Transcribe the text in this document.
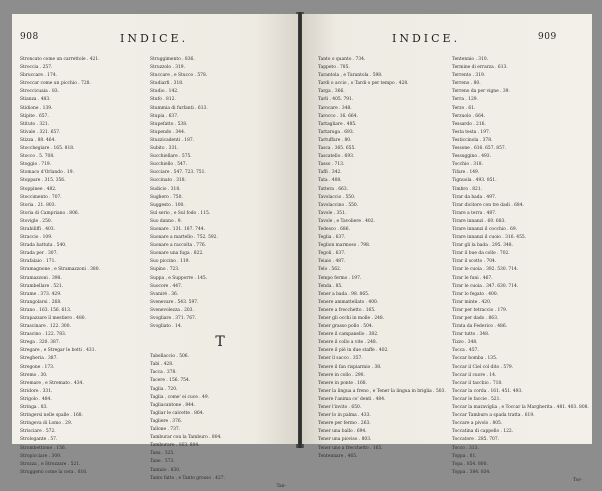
908	INDICE.
Stroncato come un carrettole . 421.
Stroccia . 257.
Sbruccare . 174.
Stroccar come un picchio . 728.
Stroccicuaia . 83.
Stianza . 483.
Stidione . 139.
Stipite . 657.
Stituto . 321.
Stivale . 321. 657.
Stizza . 88. 464.
Stocchegiare . 165. 818.
Stocco . 5. 708.
Stoggio . 719.
Stomaco d'Orlando . 19.
Stoppare . 315. 356.
Stoppinee . 482.
Stoccimento . 707.
Storia . 21. 803.
Storia di Campriano . 806.
Stovigle . 250.
Strabiliffi . 403.
Straccio . 109.
Strada battuta . 540.
Strada per . 307.
Strafalaio . 171.
Stramagnone , e Stramazzoni . 380.
Stramazzoni . 398.
Strambellare . 521.
Strame . 373. 429.
Strangolarsi . 268.
Strano . 163. 156. 613.
Strapazzare il mestiero . 480.
Strascinare . 122. 300.
Strascino . 122. 783.
Strega . 320. 387.
Stregare , e Stregar le botti . 431.
Stregheria . 387.
Stregone . 173.
Stremo . 30.
Stremare , e Stremato . 434.
Stridore . 331.
Strigolo . 484.
Stringa . 83.
Stringersi nelle spalle . 168.
Stringeva di Lomo . 29.
Strisciare . 572.
Strologante . 57.
Strombettione . 156.
Stropicciare . 309.
Strozza , e Strozzare . 521.
Struggersi come la cera . 816.
Struggimento . 836.
Struzzolo . 319.
Stuccare , e Stucco . 578.
Studiarfi . 318.
Studio . 142.
Stufo . 812.
Stummia di furfanti . 613.
Stupia . 637.
Stupefatto . 538.
Stupendo . 344.
Stuzzicadenti . 187.
Subito . 331.
Succhiellare . 575.
Succhiello . 547.
Succiare . 547. 723. 751.
Succinato . 318.
Sudicio . 318.
Sughero . 750.
Suggesto . 100.
Sul serio , e Sul fodo . 115.
Suo danno . 9.
Suonare . 131. 187. 744.
Suonare a martello . 752. 592.
Suonare a raccolta . 776.
Suonare una fuga . 822.
Suo piccino . 119.
Supino . 723.
Suppa , e Supporre . 145.
Suocore . 447.
Svaniré . 36.
Svenevare . 543. 597.
Svenevolezza . 203.
Svogliare . 371. 767.
Svogliato . 14.
T
Tabellaccio . 506.
Tabì . 428.
Tacca . 378.
Tacere . 156. 754.
Taglia . 720.
Taglia , come' ei cuce . 49.
Tagliacantone . 844.
Tagliar le calcette . 864.
Tagliere . 376.
Tallone . 737.
Tamburar con la Tamburo . 804.
Tamburare . 163. 804.
Tana . 525.
Tane . 573.
Tantalo . 830.
Tanto fatto , e Tanto grosso . 427.
Tan-
INDICE.	909
Tanto o quanto . 734.
Tappeto . 785.
Tarantola , e Tarantola . 598.
Tardi o accio , o Tardi o per tempo . 428.
Targa . 366.
Tarli . 405. 791.
Tarocare . 348.
Tarocco . 16. 664.
Tartagliare . 485.
Tartaruga . 693.
Tartuffare . 80.
Tasca . 365. 655.
Tascatello . 693.
Tasso . 713.
Taffi . 342.
Tata . 408.
Tattera . 663.
Tavolaccio . 550.
Tavolaccino . 550.
Tavole . 351.
Tavole , e Tavoliere . 402.
Tedesco . 686.
Teglia . 637.
Teglion marmoso . 798.
Tegoli . 637.
Teiaio . 487.
Telo . 562.
Tempo fermo . 197.
Tenda . 85.
Tener a bada . 98. 865.
Tenere ammattellato . 400.
Tenere a frecchetto . 165.
Tener gli occhi in molle . 248.
Tener grasso pollo . 504.
Tenere il campanello . 382.
Tenere il collo a vite . 248.
Tenere il piè in due staffe . 402.
Tener il sacco . 357.
Tenere il fan rispiarmio . 38.
Tenere in collo . 290.
Tenere in ponte . 168.
Tener la lingua a freno , e Tener la lingua in briglia . 503.
Tenere l'anima co' denti . 484.
Tener l'invito . 650.
Tener lo in palma . 433.
Tenere per fermo . 263.
Tener una ballo . 694.
Tener una pioviso . 803.
Tener uno a frecchetto . 165.
Tentennare . 465.
Tentennio . 310.
Termine di errarza . 613.
Terrento . 319.
Terreno . 80.
Terreno da per vigne . 39.
Terra . 129.
Terzo . 61.
Terzuolo . 664.
Tessardo . 216.
Testa testa . 197.
Testiccinola . 378.
Tessone . 616. 657. 857.
Tessuggino . 493.
Tocchio . 318.
Tifare . 149.
Tignuola . 493. 851.
Timbro . 821.
Tirar da bada . 497.
Tirar dicitore con tre dadi . 684.
Tirare a terra . 487.
Tirare innanzi . 60. 683.
Tirare innanzi il cocchio . 69.
Tirare innanzi il cuoio . 316. 455.
Tirar gli la bada . 295. 348.
Tirar il bue da colle . 702.
Tirar il scotto . 704.
Tirar le cuoia . 392. 530. 714.
Tirar le funi . 467.
Tirar le cuoia . 347. 630. 714.
Tirar lo fegato . 400.
Tirar minte . 420.
Tirar per tetraccio . 179.
Tirar per dado . 863.
Tirata da Federico . 486.
Tirar tutto . 348.
Tizzo . 348.
Tocca . 457.
Toccar bomba . 135.
Toccar il Ciel col dito . 579.
Toccar il cuore . 14.
Toccar il tacchio . 718.
Toccar la corda . 161. 451. 493.
Toccar le faccie . 521.
Toccar la maravíglia , e Toccar la Margherita . 481. 403. 808.
Toccar Tamburo a spada tratta . 619.
Toccare a pivolo . 805.
Toccatina di cappello . 122.
Toccatore . 285. 707.
Tocco . 313.
Toppa . 81.
Topa . 854. 800.
Toppa . 384. 834.
Tor-
